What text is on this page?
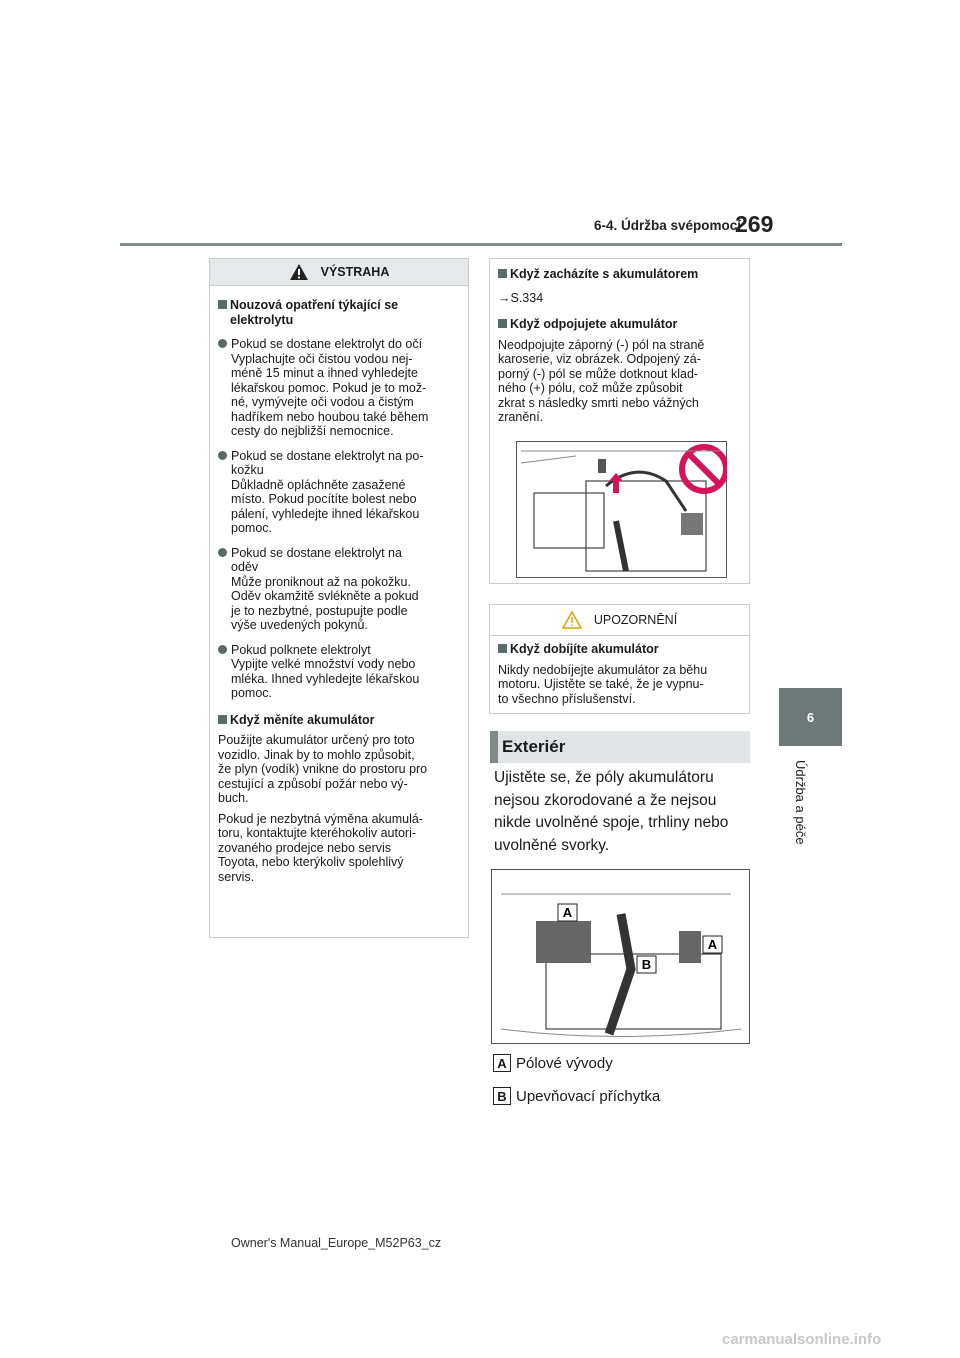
6-4. Údržba svépomocí
269
6
Údržba a péče
VÝSTRAHA
Nouzová opatření týkající se elektrolytu
Pokud se dostane elektrolyt do očí
Vyplachujte oči čistou vodou nej-
méně 15 minut a ihned vyhledejte
lékařskou pomoc. Pokud je to mož-
né, vymývejte oči vodou a čistým
hadříkem nebo houbou také během
cesty do nejbližší nemocnice.
Pokud se dostane elektrolyt na po-
kožku
Důkladně opláchněte zasažené
místo. Pokud pocítíte bolest nebo
pálení, vyhledejte ihned lékařskou
pomoc.
Pokud se dostane elektrolyt na
oděv
Může proniknout až na pokožku.
Oděv okamžitě svlékněte a pokud
je to nezbytné, postupujte podle
výše uvedených pokynů.
Pokud polknete elektrolyt
Vypijte velké množství vody nebo
mléka. Ihned vyhledejte lékařskou
pomoc.
Když měníte akumulátor
Použijte akumulátor určený pro toto
vozidlo. Jinak by to mohlo způsobit,
že plyn (vodík) vnikne do prostoru pro
cestující a způsobí požár nebo vý-
buch.
Pokud je nezbytná výměna akumulá-
toru, kontaktujte kteréhokoliv autori-
zovaného prodejce nebo servis
Toyota, nebo kterýkoliv spolehlivý
servis.
Když zacházíte s akumulátorem
→S.334
Když odpojujete akumulátor
Neodpojujte záporný (-) pól na straně
karoserie, viz obrázek. Odpojený zá-
porný (-) pól se může dotknout klad-
ného (+) pólu, což může způsobit
zkrat s následky smrti nebo vážných
zranění.
UPOZORNĚNÍ
Když dobíjíte akumulátor
Nikdy nedobíjejte akumulátor za běhu
motoru. Ujistěte se také, že je vypnu-
to všechno příslušenství.
Exteriér
Ujistěte se, že póly akumulátoru
nejsou zkorodované a že nejsou
nikde uvolněné spoje, trhliny nebo
uvolněné svorky.
A
A
B
A Pólové vývody
B Upevňovací příchytka
Owner's Manual_Europe_M52P63_cz
carmanualsonline.info
